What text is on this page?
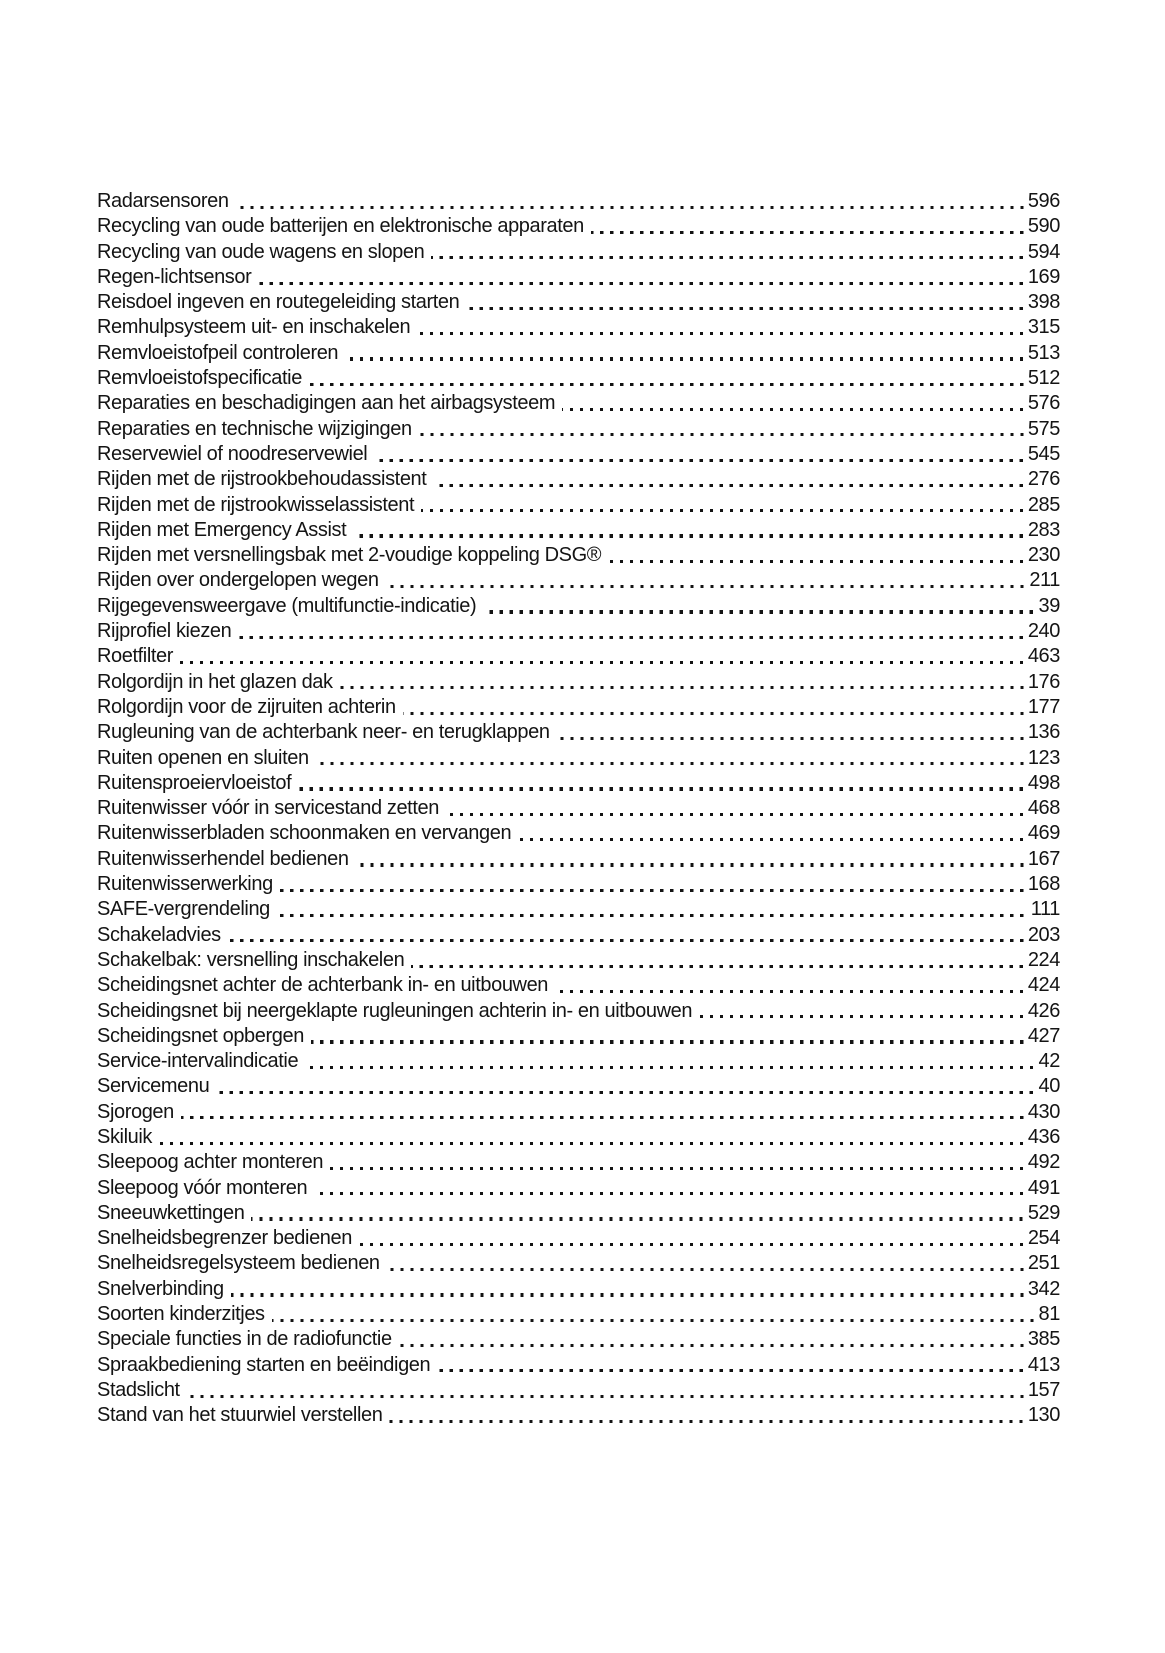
Radarsensoren	596
Recycling van oude batterijen en elektronische apparaten	590
Recycling van oude wagens en slopen	594
Regen-lichtsensor	169
Reisdoel ingeven en routegeleiding starten	398
Remhulpsysteem uit- en inschakelen	315
Remvloeistofpeil controleren	513
Remvloeistofspecificatie	512
Reparaties en beschadigingen aan het airbagsysteem	576
Reparaties en technische wijzigingen	575
Reservewiel of noodreservewiel	545
Rijden met de rijstrookbehoudassistent	276
Rijden met de rijstrookwisselassistent	285
Rijden met Emergency Assist	283
Rijden met versnellingsbak met 2-voudige koppeling DSG®	230
Rijden over ondergelopen wegen	211
Rijgegevensweergave (multifunctie-indicatie)	39
Rijprofiel kiezen	240
Roetfilter	463
Rolgordijn in het glazen dak	176
Rolgordijn voor de zijruiten achterin	177
Rugleuning van de achterbank neer- en terugklappen	136
Ruiten openen en sluiten	123
Ruitensproeiervloeistof	498
Ruitenwisser vóór in servicestand zetten	468
Ruitenwisserbladen schoonmaken en vervangen	469
Ruitenwisserhendel bedienen	167
Ruitenwisserwerking	168
SAFE-vergrendeling	111
Schakeladvies	203
Schakelbak: versnelling inschakelen	224
Scheidingsnet achter de achterbank in- en uitbouwen	424
Scheidingsnet bij neergeklapte rugleuningen achterin in- en uitbouwen	426
Scheidingsnet opbergen	427
Service-intervalindicatie	42
Servicemenu	40
Sjorogen	430
Skiluik	436
Sleepoog achter monteren	492
Sleepoog vóór monteren	491
Sneeuwkettingen	529
Snelheidsbegrenzer bedienen	254
Snelheidsregelsysteem bedienen	251
Snelverbinding	342
Soorten kinderzitjes	81
Speciale functies in de radiofunctie	385
Spraakbediening starten en beëindigen	413
Stadslicht	157
Stand van het stuurwiel verstellen	130
